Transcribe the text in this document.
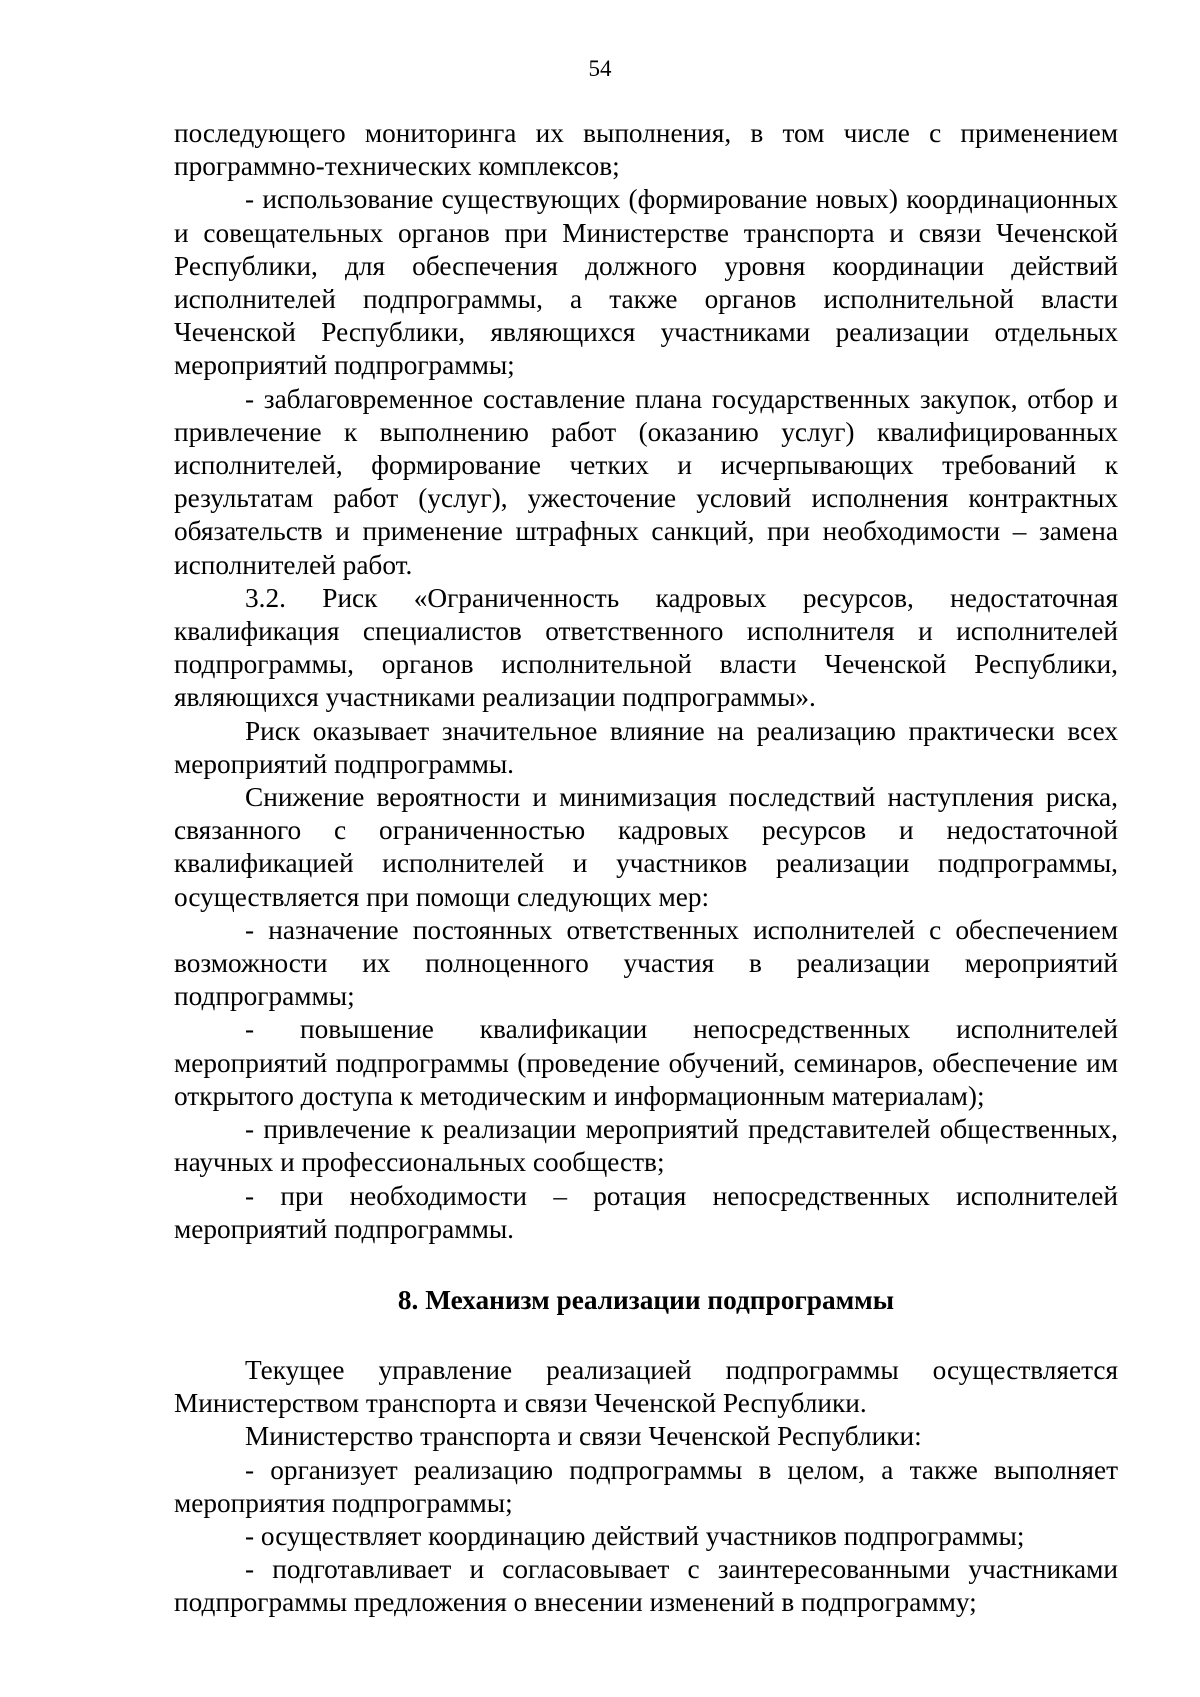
54

последующего мониторинга их выполнения, в том числе с применением программно-технических комплексов;

- использование существующих (формирование новых) координационных и совещательных органов при Министерстве транспорта и связи Чеченской Республики, для обеспечения должного уровня координации действий исполнителей подпрограммы, а также органов исполнительной власти Чеченской Республики, являющихся участниками реализации отдельных мероприятий подпрограммы;

- заблаговременное составление плана государственных закупок, отбор и привлечение к выполнению работ (оказанию услуг) квалифицированных исполнителей, формирование четких и исчерпывающих требований к результатам работ (услуг), ужесточение условий исполнения контрактных обязательств и применение штрафных санкций, при необходимости – замена исполнителей работ.

3.2. Риск «Ограниченность кадровых ресурсов, недостаточная квалификация специалистов ответственного исполнителя и исполнителей подпрограммы, органов исполнительной власти Чеченской Республики, являющихся участниками реализации подпрограммы».

Риск оказывает значительное влияние на реализацию практически всех мероприятий подпрограммы.

Снижение вероятности и минимизация последствий наступления риска, связанного с ограниченностью кадровых ресурсов и недостаточной квалификацией исполнителей и участников реализации подпрограммы, осуществляется при помощи следующих мер:

- назначение постоянных ответственных исполнителей с обеспечением возможности их полноценного участия в реализации мероприятий подпрограммы;

- повышение квалификации непосредственных исполнителей мероприятий подпрограммы (проведение обучений, семинаров, обеспечение им открытого доступа к методическим и информационным материалам);

- привлечение к реализации мероприятий представителей общественных, научных и профессиональных сообществ;

- при необходимости – ротация непосредственных исполнителей мероприятий подпрограммы.

8. Механизм реализации подпрограммы

Текущее управление реализацией подпрограммы осуществляется Министерством транспорта и связи Чеченской Республики.

Министерство транспорта и связи Чеченской Республики:

- организует реализацию подпрограммы в целом, а также выполняет мероприятия подпрограммы;

- осуществляет координацию действий участников подпрограммы;

- подготавливает и согласовывает с заинтересованными участниками подпрограммы предложения о внесении изменений в подпрограмму;
